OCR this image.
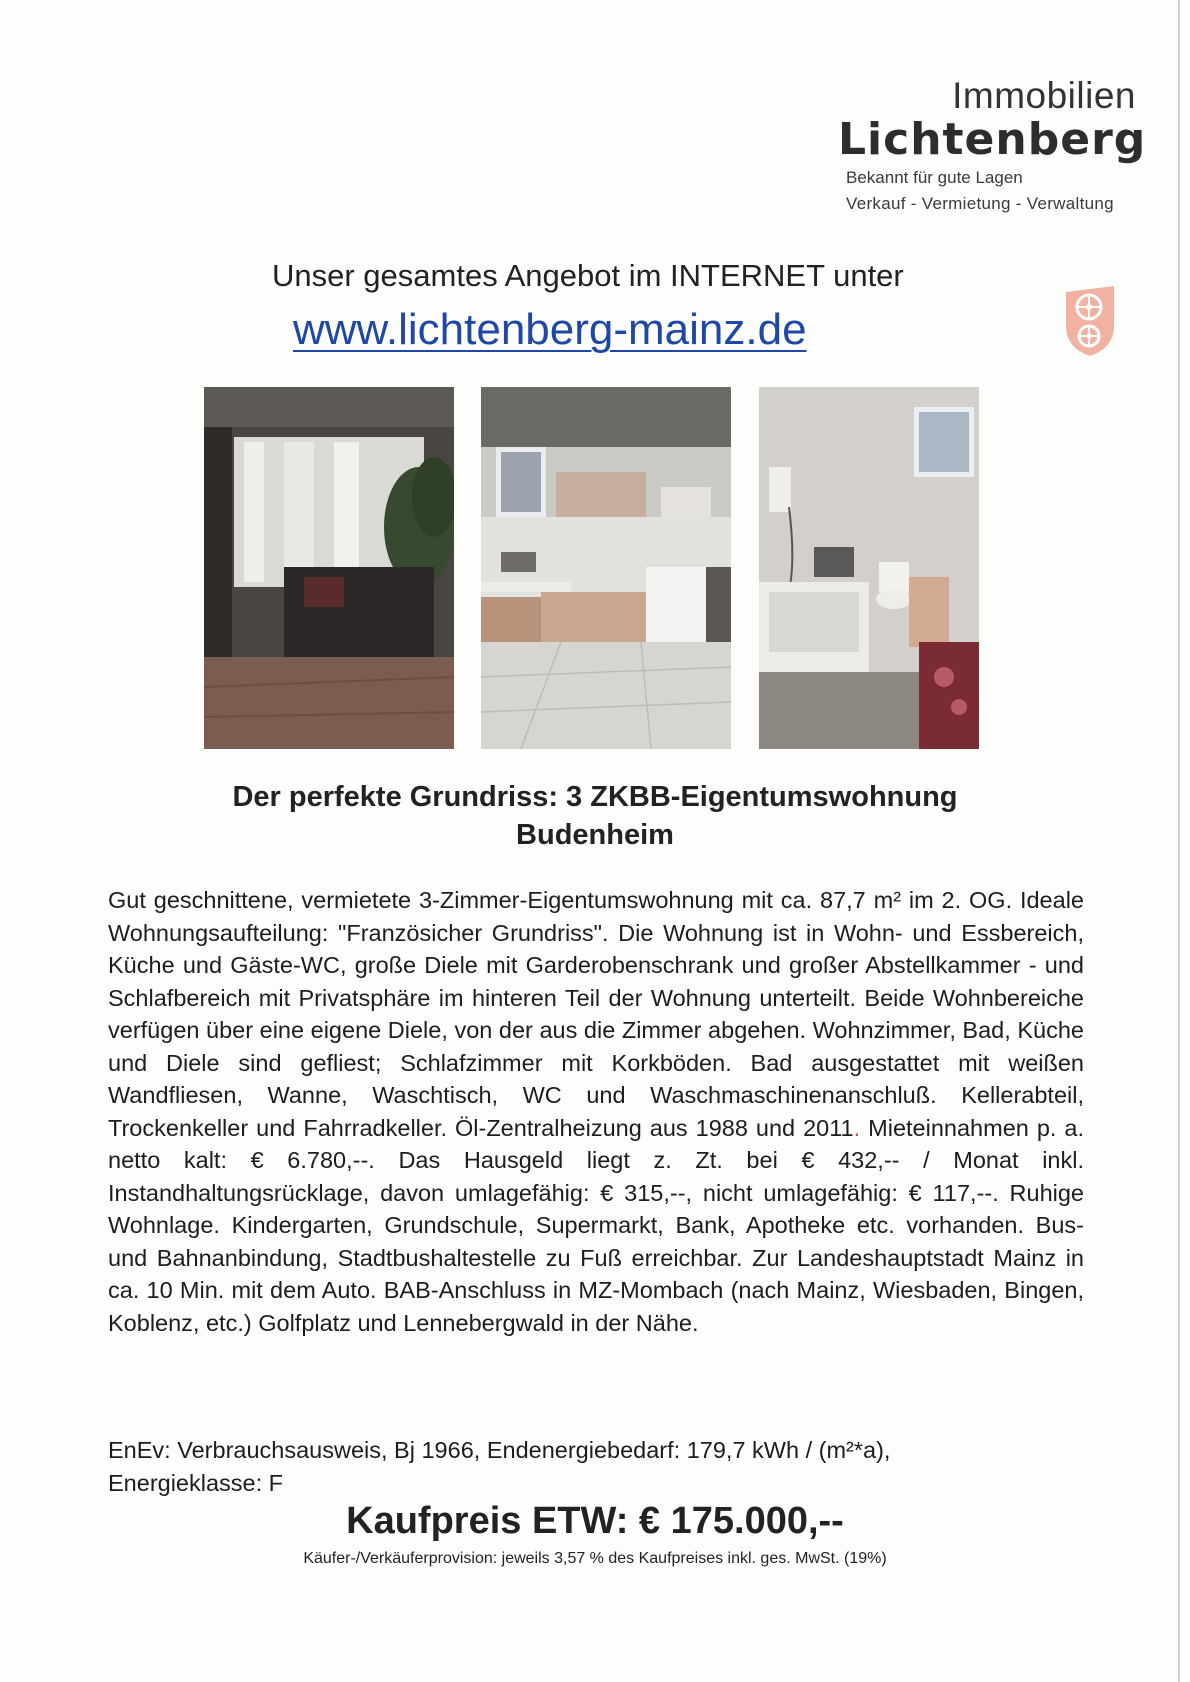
Immobilien
Lichtenberg
Bekannt für gute Lagen
Verkauf - Vermietung - Verwaltung
Unser gesamtes Angebot im INTERNET unter
www.lichtenberg-mainz.de
Der perfekte Grundriss: 3 ZKBB-Eigentumswohnung
Budenheim
Gut geschnittene, vermietete 3-Zimmer-Eigentumswohnung mit ca. 87,7 m² im 2. OG. Ideale Wohnungsaufteilung: "Französicher Grundriss". Die Wohnung ist in Wohn- und Essbereich, Küche und Gäste-WC, große Diele mit Garderobenschrank und großer Abstellkammer - und Schlafbereich mit Privatsphäre im hinteren Teil der Wohnung unterteilt. Beide Wohnbereiche verfügen über eine eigene Diele, von der aus die Zimmer abgehen. Wohnzimmer, Bad, Küche und Diele sind gefliest; Schlafzimmer mit Korkböden. Bad ausgestattet mit weißen Wandfliesen, Wanne, Waschtisch, WC und Waschmaschinenanschluß. Kellerabteil, Trockenkeller und Fahrradkeller. Öl-Zentralheizung aus 1988 und 2011. Mieteinnahmen p. a. netto kalt: € 6.780,--. Das Hausgeld liegt z. Zt. bei € 432,-- / Monat inkl. Instandhaltungsrücklage, davon umlagefähig: € 315,--, nicht umlagefähig: € 117,--. Ruhige Wohnlage. Kindergarten, Grundschule, Supermarkt, Bank, Apotheke etc. vorhanden. Bus- und Bahnanbindung, Stadtbushaltestelle zu Fuß erreichbar. Zur Landeshauptstadt Mainz in ca. 10 Min. mit dem Auto. BAB-Anschluss in MZ-Mombach (nach Mainz, Wiesbaden, Bingen, Koblenz, etc.) Golfplatz und Lennebergwald in der Nähe.
EnEv: Verbrauchsausweis, Bj 1966, Endenergiebedarf: 179,7 kWh / (m²*a),
Energieklasse: F
Kaufpreis ETW: € 175.000,--
Käufer-/Verkäuferprovision: jeweils 3,57 % des Kaufpreises inkl. ges. MwSt. (19%)
